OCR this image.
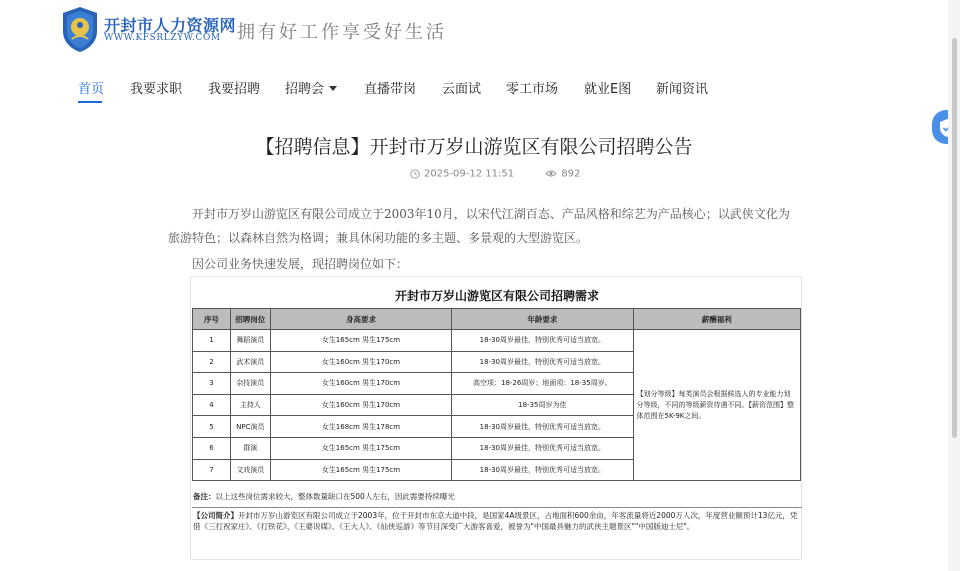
开封市人力资源网
WWW.KFSRLZYW.COM 拥有好工作享受好生活
首页 我要求职 我要招聘 招聘会	直播带岗 云面试 零工市场 就业E图 新闻资讯
【招聘信息】开封市万岁山游览区有限公司招聘公告
2025-09-12 11:51	892
开封市万岁山游览区有限公司成立于2003年10月，以宋代江湖百态、产品风格和综艺为产品核心；以武侠文化为旅游特色；以森林自然为格调；兼具休闲功能的多主题、多景观的大型游览区。
因公司业务快速发展，现招聘岗位如下：
开封市万岁山游览区有限公司招聘需求
序号	招聘岗位	身高要求	年龄要求	薪酬福利
1	舞蹈演员	女生165cm 男生175cm	18-30周岁最佳，特别优秀可适当放宽。	【划分等级】每类演员会根据候选人的专业能力划分等级，不同的等级薪资待遇不同。【薪资范围】整体范围在5K-9K之间。
2	武术演员	女生160cm 男生170cm	18-30周岁最佳，特别优秀可适当放宽。	
3	杂技演员	女生160cm 男生170cm	高空项：18-26周岁；地面项：18-35周岁。	
4	主持人	女生160cm 男生170cm	18-35周岁为佳	
5	NPC演员	女生168cm 男生178cm	18-30周岁最佳，特别优秀可适当放宽。	
6	群演	女生165cm 男生175cm	18-30周岁最佳，特别优秀可适当放宽。	
7	文戏演员	女生165cm 男生175cm	18-30周岁最佳，特别优秀可适当放宽。	
备注：以上这些岗位需求较大，整体数量缺口在500人左右，因此需要持续曝光
【公司简介】开封市万岁山游览区有限公司成立于2003年，位于开封市东京大道中段，是国家4A级景区，占地面积600余亩，年客流量将近2000万人次，年度营业额预计13亿元，凭借《三打祝家庄》、《打铁花》、《王婆说媒》、《王大人》、《仙侠巡游》等节目深受广大游客喜爱，被誉为"中国最具魅力的武侠主题景区""中国版迪士尼"。
